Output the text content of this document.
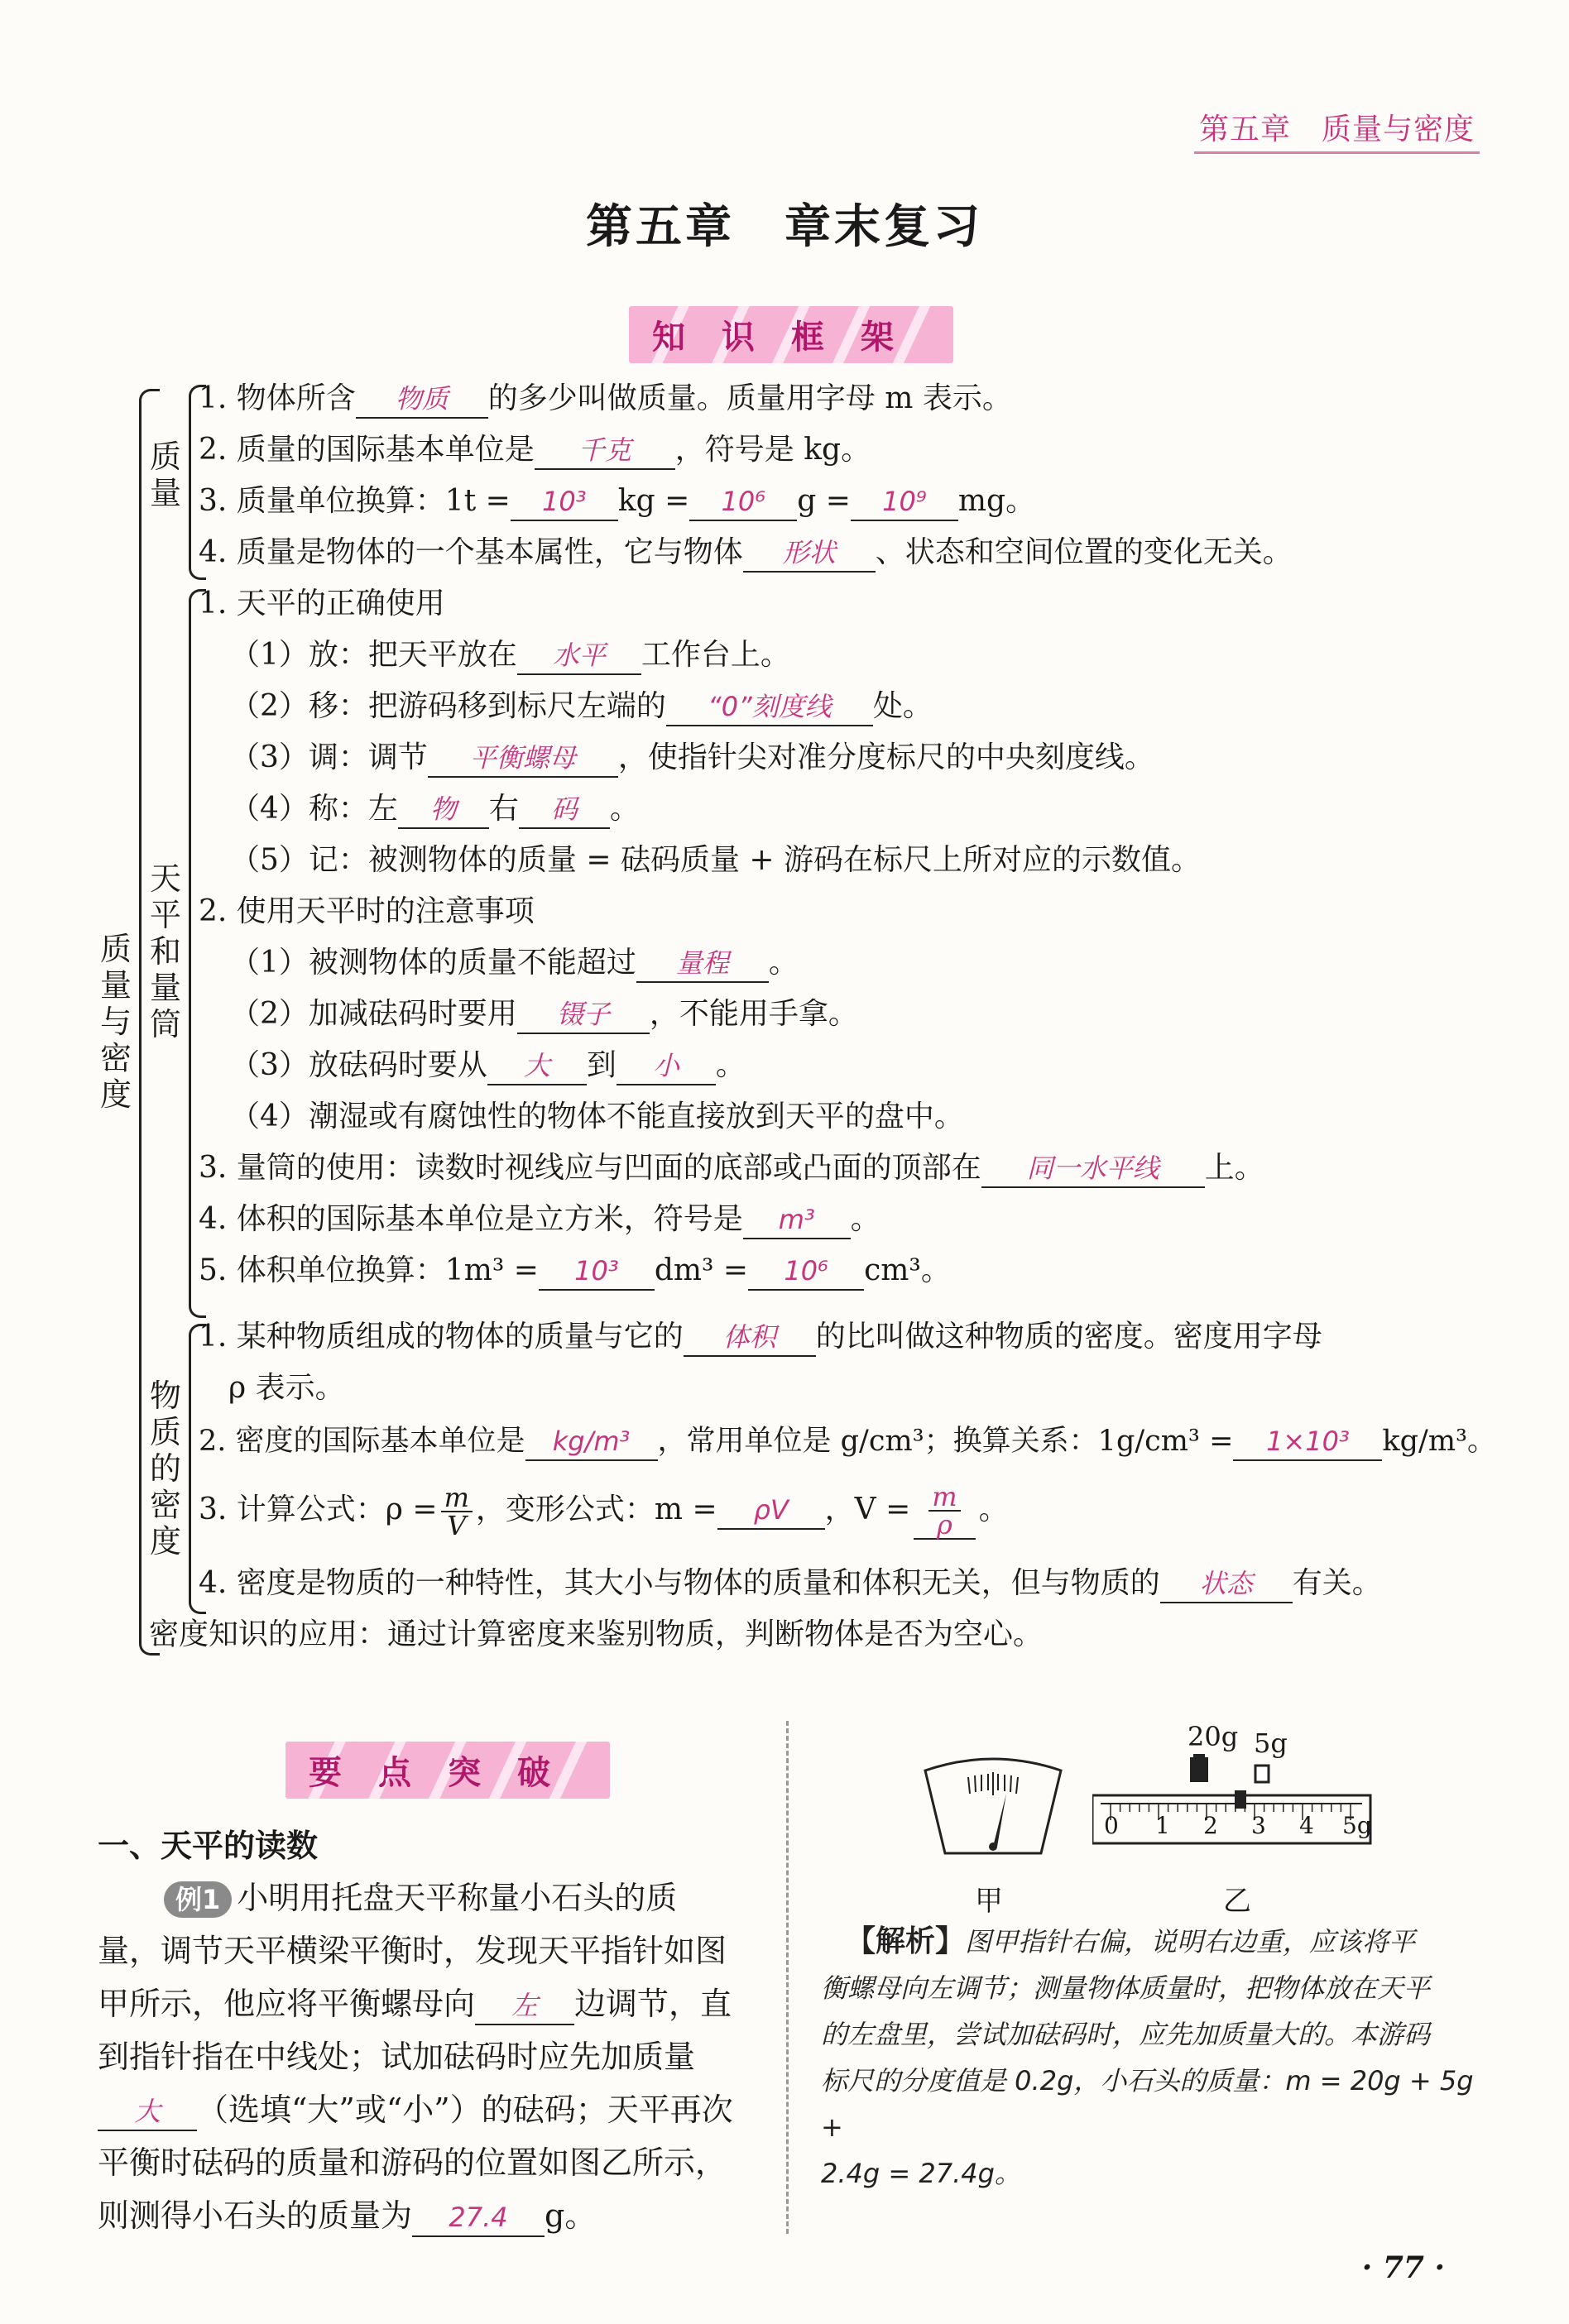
第五章　质量与密度
第五章　章末复习
知识框架
质量与密度
质量
1. 物体所含 物质 的多少叫做质量。质量用字母 m 表示。
2. 质量的国际基本单位是 千克 ，符号是 kg。
3. 质量单位换算：1t = 10³ kg = 10⁶ g = 10⁹ mg。
4. 质量是物体的一个基本属性，它与物体 形状 、状态和空间位置的变化无关。
天平和量筒
1. 天平的正确使用
（1）放：把天平放在 水平 工作台上。
（2）移：把游码移到标尺左端的 “0”刻度线 处。
（3）调：调节 平衡螺母 ，使指针尖对准分度标尺的中央刻度线。
（4）称：左 物 右 码 。
（5）记：被测物体的质量 = 砝码质量 + 游码在标尺上所对应的示数值。
2. 使用天平时的注意事项
（1）被测物体的质量不能超过 量程 。
（2）加减砝码时要用 镊子 ，不能用手拿。
（3）放砝码时要从 大 到 小 。
（4）潮湿或有腐蚀性的物体不能直接放到天平的盘中。
3. 量筒的使用：读数时视线应与凹面的底部或凸面的顶部在 同一水平线 上。
4. 体积的国际基本单位是立方米，符号是 m³ 。
5. 体积单位换算：1m³ = 10³ dm³ = 10⁶ cm³。
物质的密度
1. 某种物质组成的物体的质量与它的 体积 的比叫做这种物质的密度。密度用字母
ρ 表示。
2. 密度的国际基本单位是 kg/m³ ，常用单位是 g/cm³；换算关系：1g/cm³ = 1×10³ kg/m³。
3. 计算公式：$\rho = \frac{m}{V}$ ，变形公式：m = ρV ，$V = \frac{m}{\rho}$ 。
4. 密度是物质的一种特性，其大小与物体的质量和体积无关，但与物质的 状态 有关。
密度知识的应用：通过计算密度来鉴别物质，判断物体是否为空心。
要点突破
一、天平的读数
例1 小明用托盘天平称量小石头的质
量，调节天平横梁平衡时，发现天平指针如图
甲所示，他应将平衡螺母向 左 边调节，直
到指针指在中线处；试加砝码时应先加质量
大 （选填“大”或“小”）的砝码；天平再次
平衡时砝码的质量和游码的位置如图乙所示，
则测得小石头的质量为 27.4 g。
甲
20g 5g
0 1 2 3 4 5g
乙
【解析】图甲指针右偏，说明右边重，应该将平
衡螺母向左调节；测量物体质量时，把物体放在天平
的左盘里，尝试加砝码时，应先加质量大的。本游码
标尺的分度值是 0.2g，小石头的质量：m = 20g + 5g +
2.4g = 27.4g。
· 77 ·
